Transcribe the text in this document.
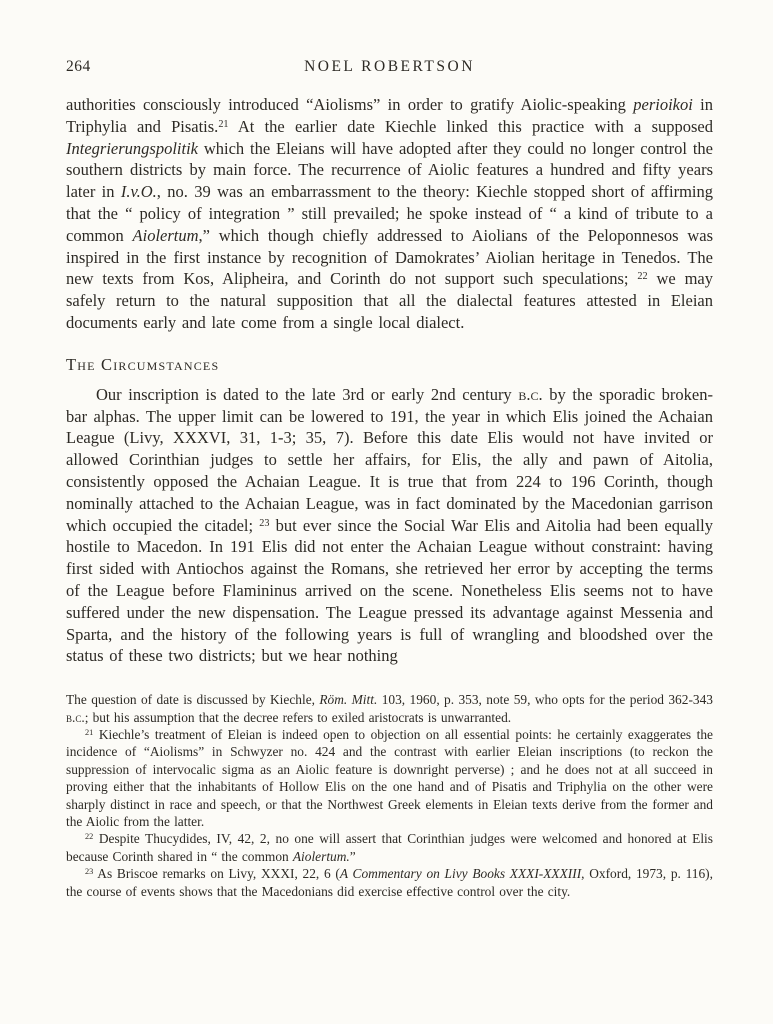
264	NOEL ROBERTSON

authorities consciously introduced “Aiolisms” in order to gratify Aiolic-speaking perioikoi in Triphylia and Pisatis.$^{21}$ At the earlier date Kiechle linked this practice with a supposed Integrierungspolitik which the Eleians will have adopted after they could no longer control the southern districts by main force. The recurrence of Aiolic features a hundred and fifty years later in I.v.O., no. 39 was an embarrassment to the theory: Kiechle stopped short of affirming that the “ policy of integration ” still prevailed; he spoke instead of “ a kind of tribute to a common Aiolertum,” which though chiefly addressed to Aiolians of the Peloponnesos was inspired in the first instance by recognition of Damokrates’ Aiolian heritage in Tenedos. The new texts from Kos, Alipheira, and Corinth do not support such speculations; $^{22}$ we may safely return to the natural supposition that all the dialectal features attested in Eleian documents early and late come from a single local dialect.

The Circumstances

Our inscription is dated to the late 3rd or early 2nd century b.c. by the sporadic broken-bar alphas. The upper limit can be lowered to 191, the year in which Elis joined the Achaian League (Livy, XXXVI, 31, 1-3; 35, 7). Before this date Elis would not have invited or allowed Corinthian judges to settle her affairs, for Elis, the ally and pawn of Aitolia, consistently opposed the Achaian League. It is true that from 224 to 196 Corinth, though nominally attached to the Achaian League, was in fact dominated by the Macedonian garrison which occupied the citadel; $^{23}$ but ever since the Social War Elis and Aitolia had been equally hostile to Macedon. In 191 Elis did not enter the Achaian League without constraint: having first sided with Antiochos against the Romans, she retrieved her error by accepting the terms of the League before Flamininus arrived on the scene. Nonetheless Elis seems not to have suffered under the new dispensation. The League pressed its advantage against Messenia and Sparta, and the history of the following years is full of wrangling and bloodshed over the status of these two districts; but we hear nothing

The question of date is discussed by Kiechle, Röm. Mitt. 103, 1960, p. 353, note 59, who opts for the period 362-343 b.c.; but his assumption that the decree refers to exiled aristocrats is unwarranted.

$^{21}$ Kiechle’s treatment of Eleian is indeed open to objection on all essential points: he certainly exaggerates the incidence of “Aiolisms” in Schwyzer no. 424 and the contrast with earlier Eleian inscriptions (to reckon the suppression of intervocalic sigma as an Aiolic feature is downright perverse) ; and he does not at all succeed in proving either that the inhabitants of Hollow Elis on the one hand and of Pisatis and Triphylia on the other were sharply distinct in race and speech, or that the Northwest Greek elements in Eleian texts derive from the former and the Aiolic from the latter.

$^{22}$ Despite Thucydides, IV, 42, 2, no one will assert that Corinthian judges were welcomed and honored at Elis because Corinth shared in “ the common Aiolertum.”

$^{23}$ As Briscoe remarks on Livy, XXXI, 22, 6 (A Commentary on Livy Books XXXI-XXXIII, Oxford, 1973, p. 116), the course of events shows that the Macedonians did exercise effective control over the city.
